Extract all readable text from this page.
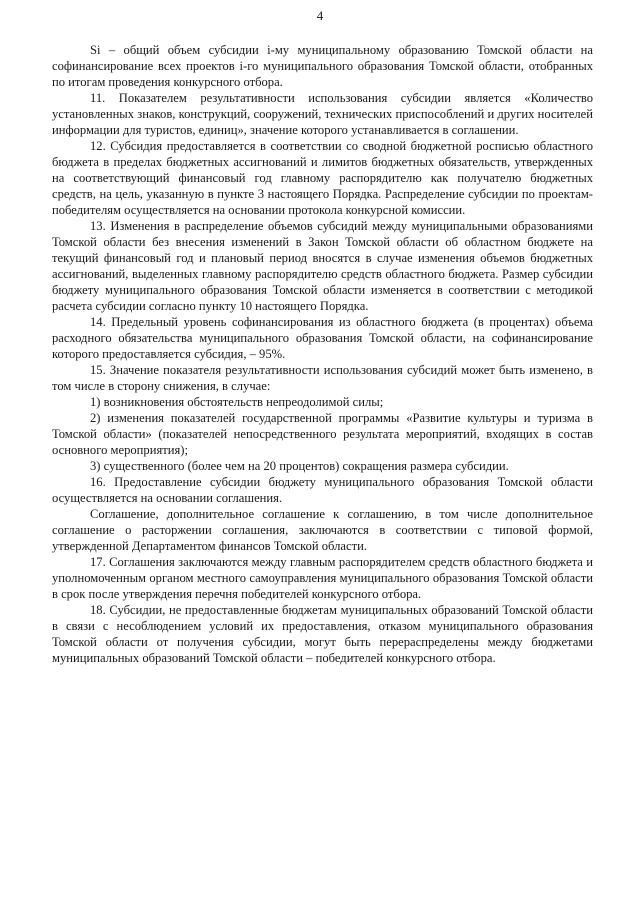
4

Si – общий объем субсидии i-му муниципальному образованию Томской области на софинансирование всех проектов i-го муниципального образования Томской области, отобранных по итогам проведения конкурсного отбора.

11. Показателем результативности использования субсидии является «Количество установленных знаков, конструкций, сооружений, технических приспособлений и других носителей информации для туристов, единиц», значение которого устанавливается в соглашении.

12. Субсидия предоставляется в соответствии со сводной бюджетной росписью областного бюджета в пределах бюджетных ассигнований и лимитов бюджетных обязательств, утвержденных на соответствующий финансовый год главному распорядителю как получателю бюджетных средств, на цель, указанную в пункте 3 настоящего Порядка. Распределение субсидии по проектам-победителям осуществляется на основании протокола конкурсной комиссии.

13. Изменения в распределение объемов субсидий между муниципальными образованиями Томской области без внесения изменений в Закон Томской области об областном бюджете на текущий финансовый год и плановый период вносятся в случае изменения объемов бюджетных ассигнований, выделенных главному распорядителю средств областного бюджета. Размер субсидии бюджету муниципального образования Томской области изменяется в соответствии с методикой расчета субсидии согласно пункту 10 настоящего Порядка.

14. Предельный уровень софинансирования из областного бюджета (в процентах) объема расходного обязательства муниципального образования Томской области, на софинансирование которого предоставляется субсидия, – 95%.

15. Значение показателя результативности использования субсидий может быть изменено, в том числе в сторону снижения, в случае:

1) возникновения обстоятельств непреодолимой силы;

2) изменения показателей государственной программы «Развитие культуры и туризма в Томской области» (показателей непосредственного результата мероприятий, входящих в состав основного мероприятия);

3) существенного (более чем на 20 процентов) сокращения размера субсидии.

16. Предоставление субсидии бюджету муниципального образования Томской области осуществляется на основании соглашения.

Соглашение, дополнительное соглашение к соглашению, в том числе дополнительное соглашение о расторжении соглашения, заключаются в соответствии с типовой формой, утвержденной Департаментом финансов Томской области.

17. Соглашения заключаются между главным распорядителем средств областного бюджета и уполномоченным органом местного самоуправления муниципального образования Томской области в срок после утверждения перечня победителей конкурсного отбора.

18. Субсидии, не предоставленные бюджетам муниципальных образований Томской области в связи с несоблюдением условий их предоставления, отказом муниципального образования Томской области от получения субсидии, могут быть перераспределены между бюджетами муниципальных образований Томской области – победителей конкурсного отбора.
